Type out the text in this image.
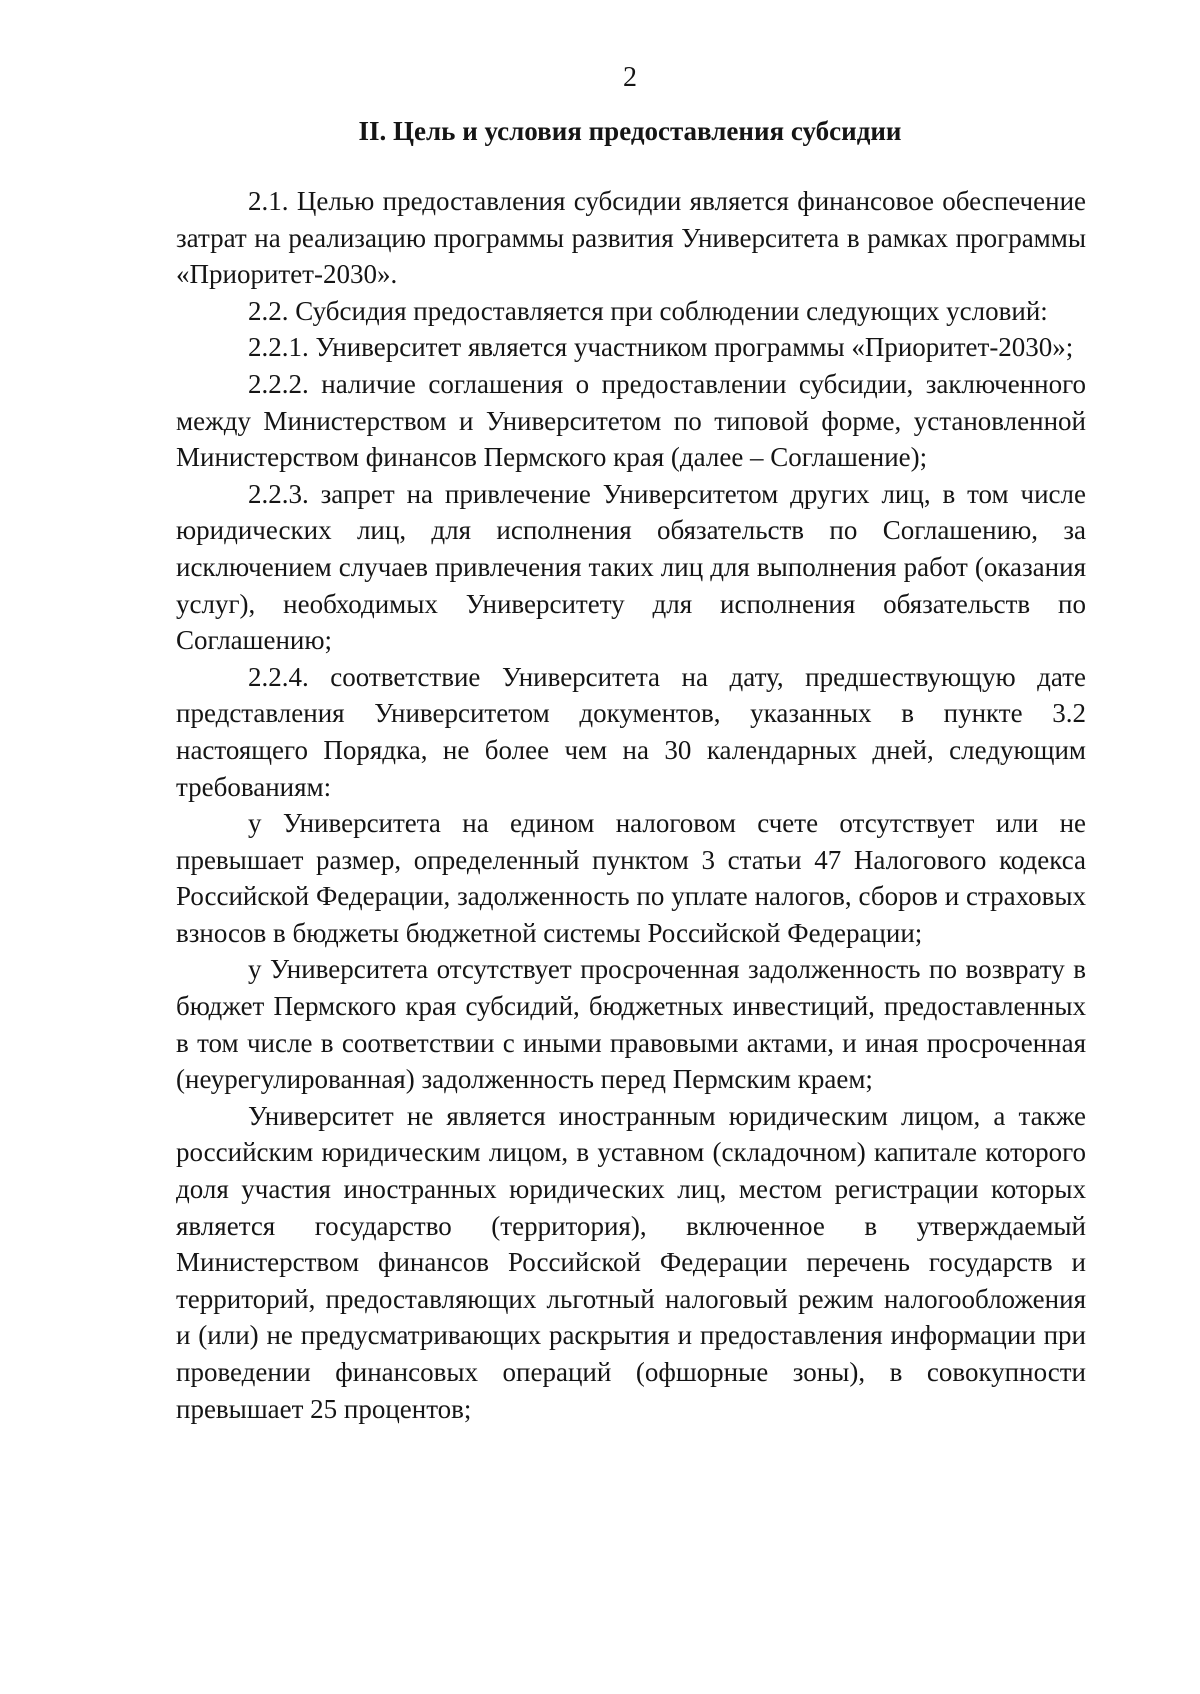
2
II. Цель и условия предоставления субсидии

2.1. Целью предоставления субсидии является финансовое обеспечение затрат на реализацию программы развития Университета в рамках программы «Приоритет-2030».

2.2. Субсидия предоставляется при соблюдении следующих условий:

2.2.1. Университет является участником программы «Приоритет-2030»;

2.2.2. наличие соглашения о предоставлении субсидии, заключенного между Министерством и Университетом по типовой форме, установленной Министерством финансов Пермского края (далее – Соглашение);

2.2.3. запрет на привлечение Университетом других лиц, в том числе юридических лиц, для исполнения обязательств по Соглашению, за исключением случаев привлечения таких лиц для выполнения работ (оказания услуг), необходимых Университету для исполнения обязательств по Соглашению;

2.2.4. соответствие Университета на дату, предшествующую дате представления Университетом документов, указанных в пункте 3.2 настоящего Порядка, не более чем на 30 календарных дней, следующим требованиям:

у Университета на едином налоговом счете отсутствует или не превышает размер, определенный пунктом 3 статьи 47 Налогового кодекса Российской Федерации, задолженность по уплате налогов, сборов и страховых взносов в бюджеты бюджетной системы Российской Федерации;

у Университета отсутствует просроченная задолженность по возврату в бюджет Пермского края субсидий, бюджетных инвестиций, предоставленных в том числе в соответствии с иными правовыми актами, и иная просроченная (неурегулированная) задолженность перед Пермским краем;

Университет не является иностранным юридическим лицом, а также российским юридическим лицом, в уставном (складочном) капитале которого доля участия иностранных юридических лиц, местом регистрации которых является государство (территория), включенное в утверждаемый Министерством финансов Российской Федерации перечень государств и территорий, предоставляющих льготный налоговый режим налогообложения и (или) не предусматривающих раскрытия и предоставления информации при проведении финансовых операций (офшорные зоны), в совокупности превышает 25 процентов;
